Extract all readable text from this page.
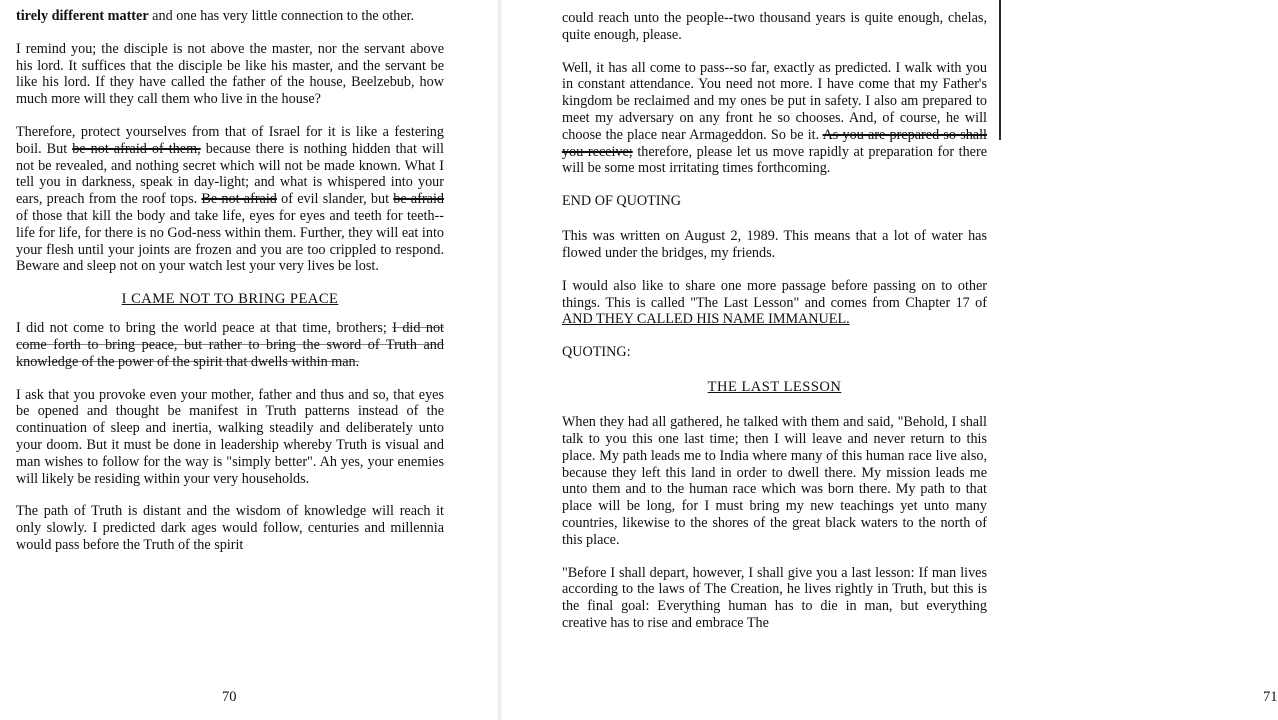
tirely different matter and one has very little connection to the other.

I remind you; the disciple is not above the master, nor the servant above his lord. It suffices that the disciple be like his master, and the servant be like his lord. If they have called the father of the house, Beelzebub, how much more will they call them who live in the house?

Therefore, protect yourselves from that of Israel for it is like a festering boil. But be not afraid of them, because there is nothing hidden that will not be revealed, and nothing secret which will not be made known. What I tell you in darkness, speak in day-light; and what is whispered into your ears, preach from the roof tops. Be not afraid of evil slander, but be afraid of those that kill the body and take life, eyes for eyes and teeth for teeth--life for life, for there is no God-ness within them. Further, they will eat into your flesh until your joints are frozen and you are too crippled to respond. Beware and sleep not on your watch lest your very lives be lost.

I CAME NOT TO BRING PEACE

I did not come to bring the world peace at that time, brothers; I did not come forth to bring peace, but rather to bring the sword of Truth and knowledge of the power of the spirit that dwells within man.

I ask that you provoke even your mother, father and thus and so, that eyes be opened and thought be manifest in Truth patterns instead of the continuation of sleep and inertia, walking steadily and deliberately unto your doom. But it must be done in leadership whereby Truth is visual and man wishes to follow for the way is "simply better". Ah yes, your enemies will likely be residing within your very households.

The path of Truth is distant and the wisdom of knowledge will reach it only slowly. I predicted dark ages would follow, centuries and millennia would pass before the Truth of the spirit

70

could reach unto the people--two thousand years is quite enough, chelas, quite enough, please.

Well, it has all come to pass--so far, exactly as predicted. I walk with you in constant attendance. You need not more. I have come that my Father's kingdom be reclaimed and my ones be put in safety. I also am prepared to meet my adversary on any front he so chooses. And, of course, he will choose the place near Armageddon. So be it. As you are prepared so shall you receive; therefore, please let us move rapidly at preparation for there will be some most irritating times forthcoming.

END OF QUOTING

This was written on August 2, 1989. This means that a lot of water has flowed under the bridges, my friends.

I would also like to share one more passage before passing on to other things. This is called "The Last Lesson" and comes from Chapter 17 of AND THEY CALLED HIS NAME IMMANUEL.

QUOTING:
THE LAST LESSON

When they had all gathered, he talked with them and said, "Behold, I shall talk to you this one last time; then I will leave and never return to this place. My path leads me to India where many of this human race live also, because they left this land in order to dwell there. My mission leads me unto them and to the human race which was born there. My path to that place will be long, for I must bring my new teachings yet unto many countries, likewise to the shores of the great black waters to the north of this place.

"Before I shall depart, however, I shall give you a last lesson: If man lives according to the laws of The Creation, he lives rightly in Truth, but this is the final goal: Everything human has to die in man, but everything creative has to rise and embrace The

71
